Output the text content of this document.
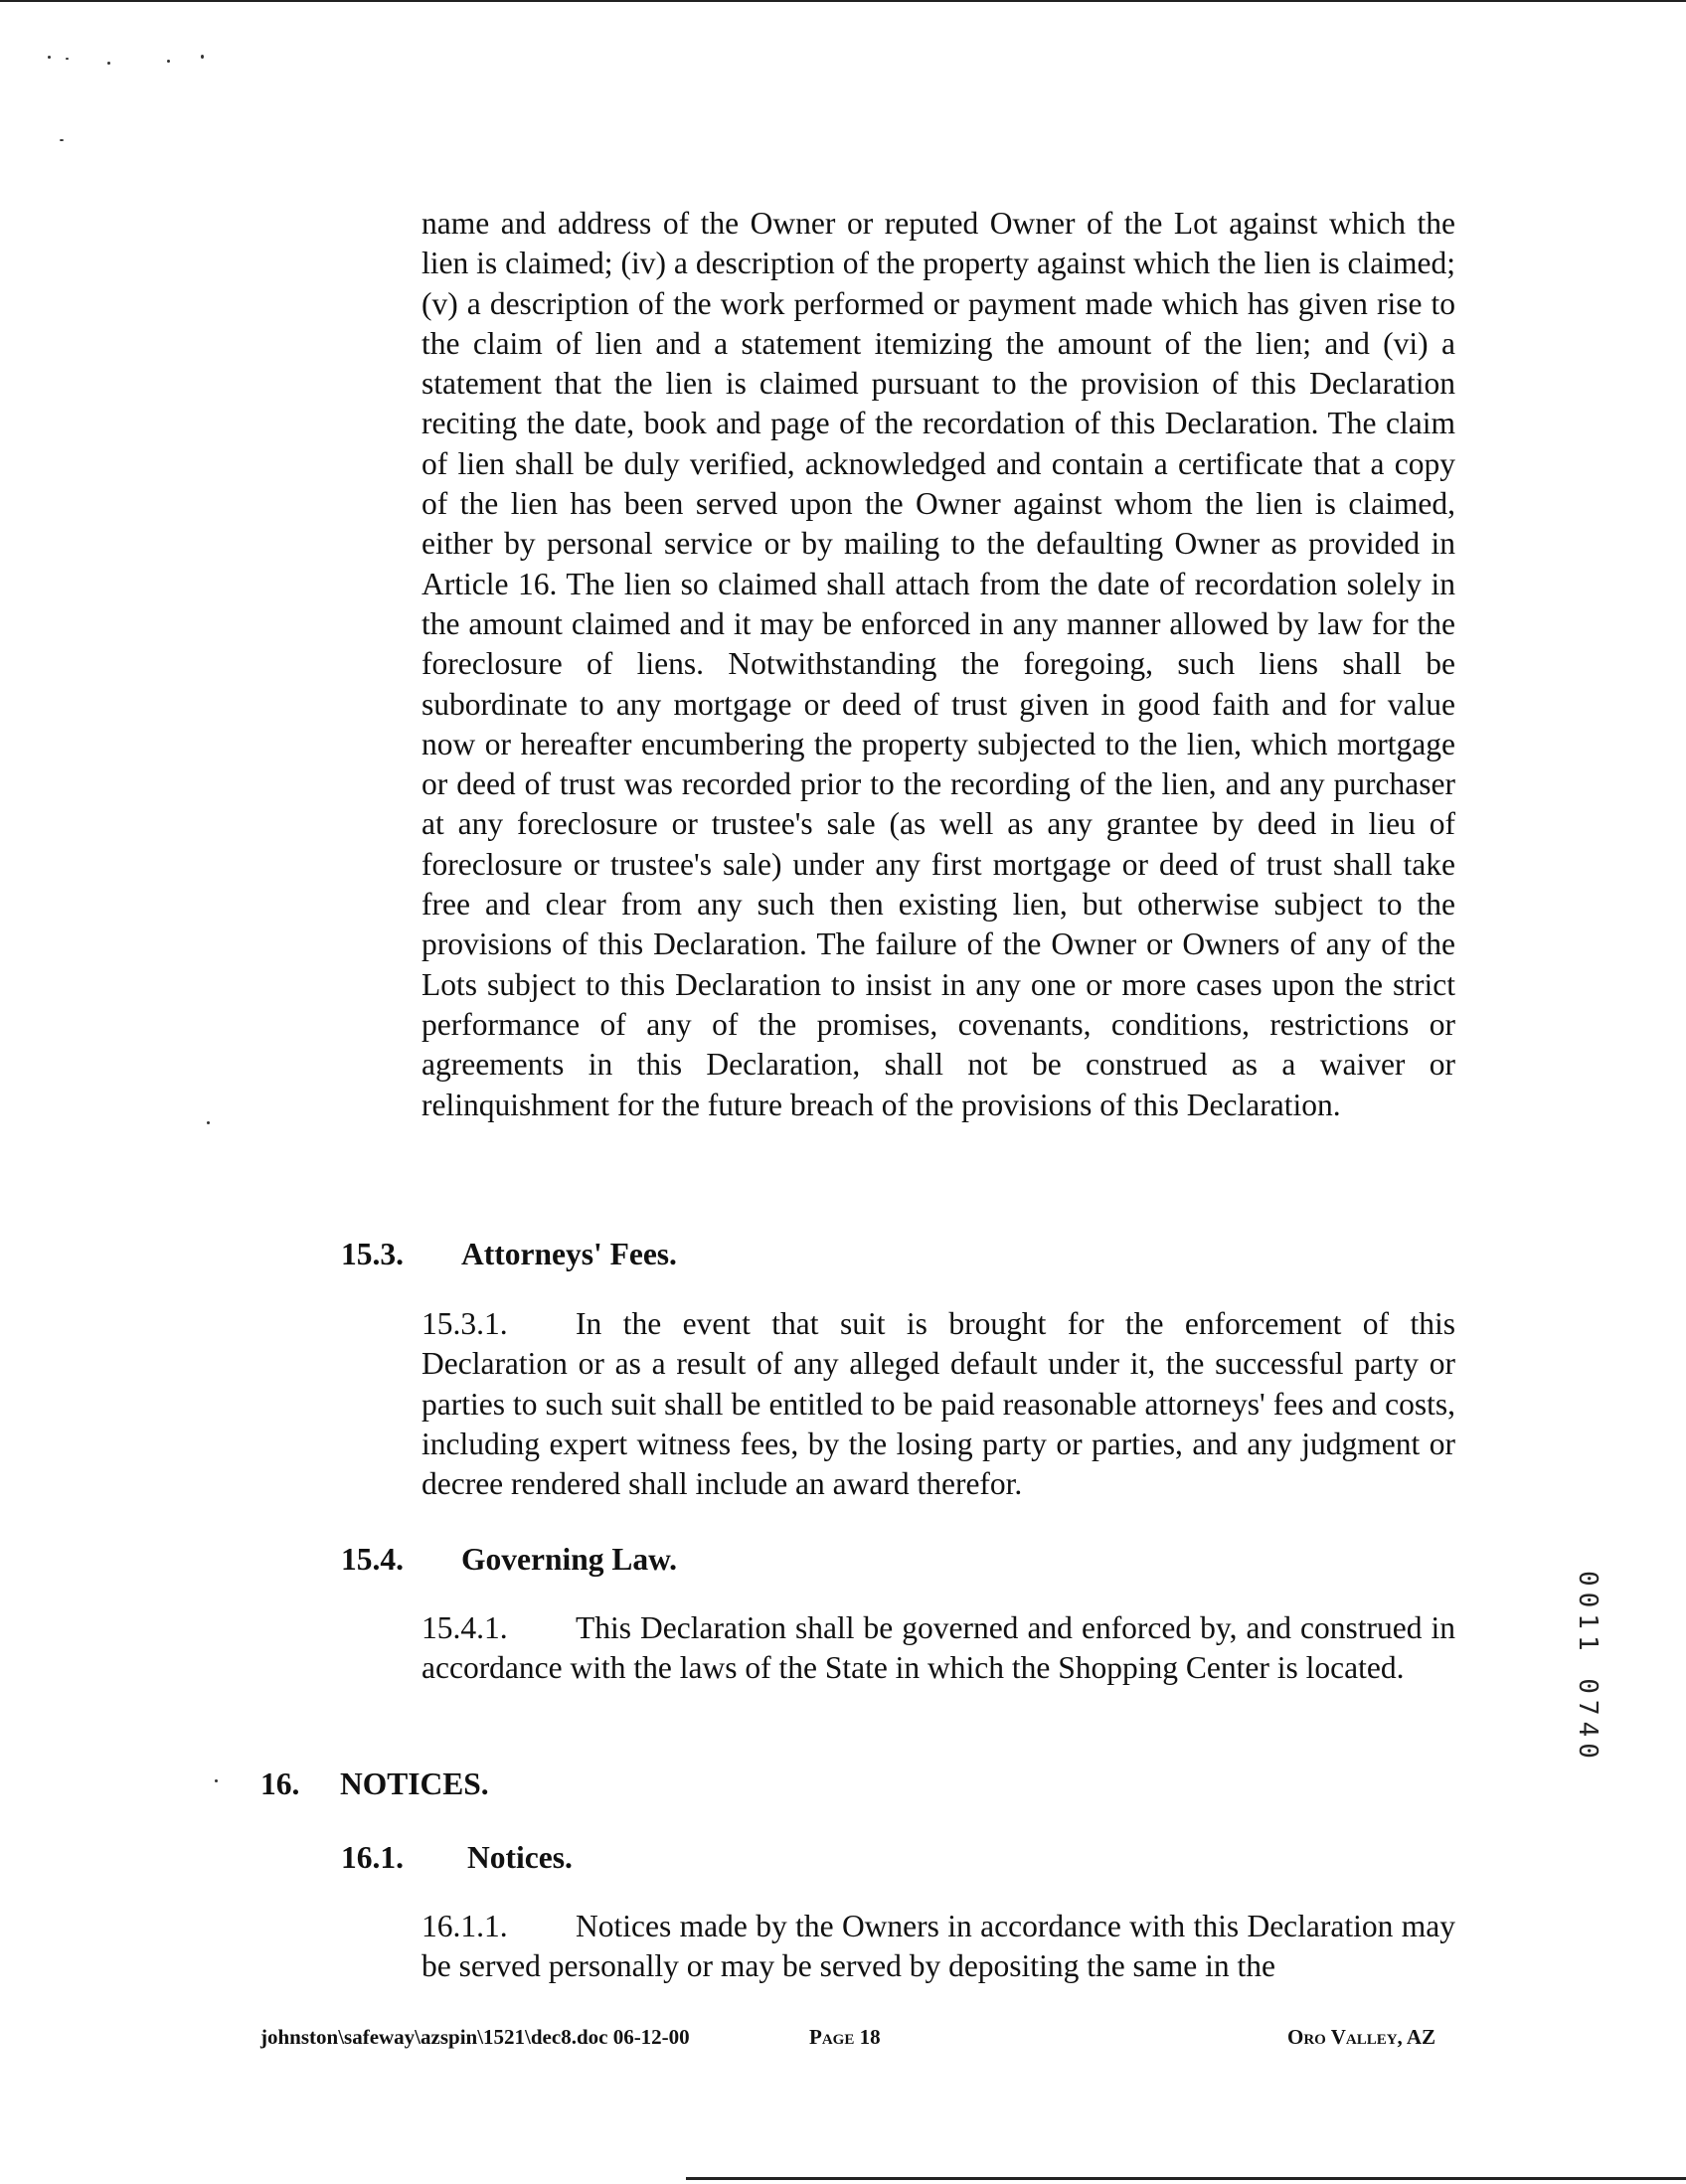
name and address of the Owner or reputed Owner of the Lot against which the lien is claimed; (iv) a description of the property against which the lien is claimed; (v) a description of the work performed or payment made which has given rise to the claim of lien and a statement itemizing the amount of the lien; and (vi) a statement that the lien is claimed pursuant to the provision of this Declaration reciting the date, book and page of the recordation of this Declaration. The claim of lien shall be duly verified, acknowledged and contain a certificate that a copy of the lien has been served upon the Owner against whom the lien is claimed, either by personal service or by mailing to the defaulting Owner as provided in Article 16. The lien so claimed shall attach from the date of recordation solely in the amount claimed and it may be enforced in any manner allowed by law for the foreclosure of liens. Notwithstanding the foregoing, such liens shall be subordinate to any mortgage or deed of trust given in good faith and for value now or hereafter encumbering the property subjected to the lien, which mortgage or deed of trust was recorded prior to the recording of the lien, and any purchaser at any foreclosure or trustee's sale (as well as any grantee by deed in lieu of foreclosure or trustee's sale) under any first mortgage or deed of trust shall take free and clear from any such then existing lien, but otherwise subject to the provisions of this Declaration. The failure of the Owner or Owners of any of the Lots subject to this Declaration to insist in any one or more cases upon the strict performance of any of the promises, covenants, conditions, restrictions or agreements in this Declaration, shall not be construed as a waiver or relinquishment for the future breach of the provisions of this Declaration.
15.3. Attorneys' Fees.
15.3.1. In the event that suit is brought for the enforcement of this Declaration or as a result of any alleged default under it, the successful party or parties to such suit shall be entitled to be paid reasonable attorneys' fees and costs, including expert witness fees, by the losing party or parties, and any judgment or decree rendered shall include an award therefor.
15.4. Governing Law.
15.4.1. This Declaration shall be governed and enforced by, and construed in accordance with the laws of the State in which the Shopping Center is located.
16. NOTICES.
16.1. Notices.
16.1.1. Notices made by the Owners in accordance with this Declaration may be served personally or may be served by depositing the same in the
johnston\safeway\azspin\1521\dec8.doc 06-12-00	Page 18	Oro Valley, AZ
0011 0740
